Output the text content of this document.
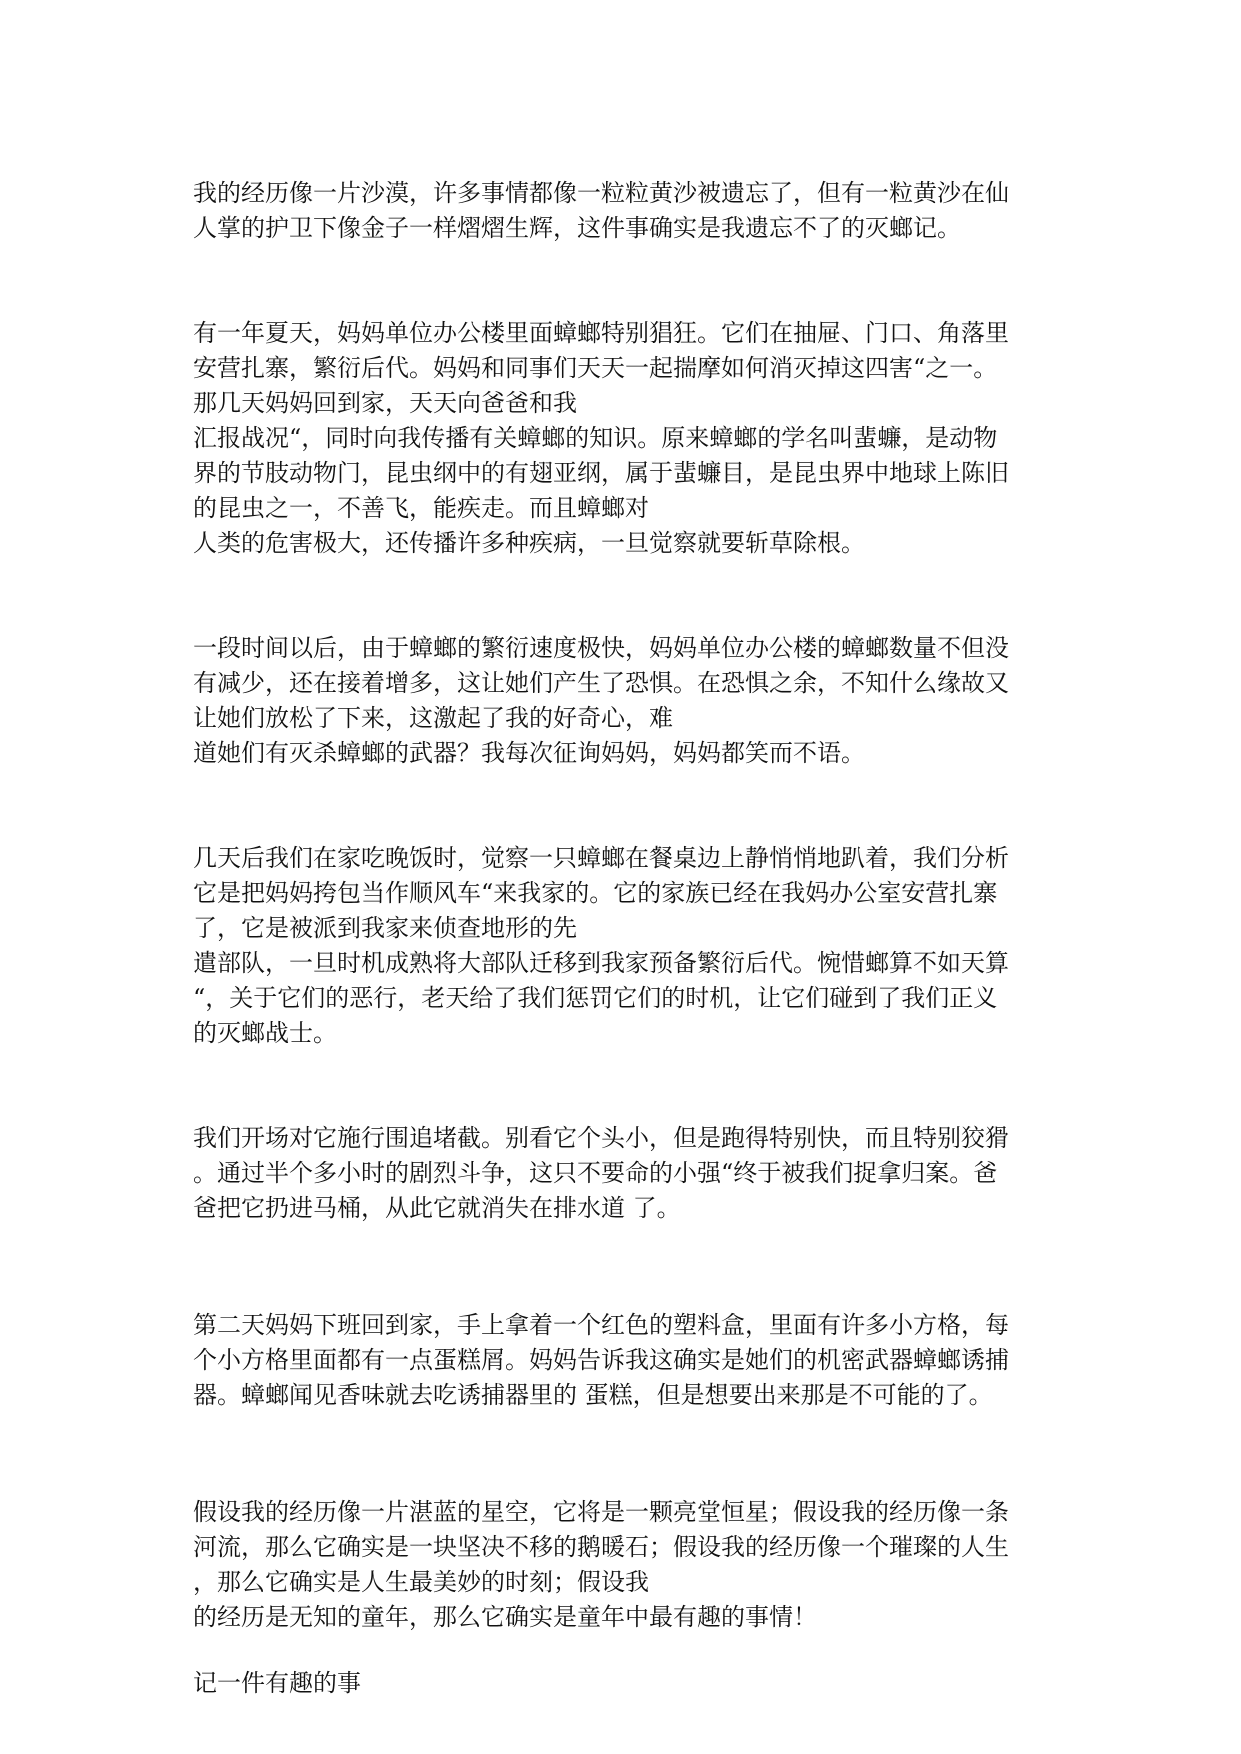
我的经历像一片沙漠，许多事情都像一粒粒黄沙被遗忘了，但有一粒黄沙在仙
人掌的护卫下像金子一样熠熠生辉，这件事确实是我遗忘不了的灭螂记。
有一年夏天，妈妈单位办公楼里面蟑螂特别猖狂。它们在抽屉、门口、角落里
安营扎寨，繁衍后代。妈妈和同事们天天一起揣摩如何消灭掉这四害“之一。
那几天妈妈回到家，天天向爸爸和我
汇报战况“，同时向我传播有关蟑螂的知识。原来蟑螂的学名叫蜚蠊，是动物
界的节肢动物门，昆虫纲中的有翅亚纲，属于蜚蠊目，是昆虫界中地球上陈旧
的昆虫之一，不善飞，能疾走。而且蟑螂对
人类的危害极大，还传播许多种疾病，一旦觉察就要斩草除根。
一段时间以后，由于蟑螂的繁衍速度极快，妈妈单位办公楼的蟑螂数量不但没
有减少，还在接着增多，这让她们产生了恐惧。在恐惧之余，不知什么缘故又
让她们放松了下来，这激起了我的好奇心，难
道她们有灭杀蟑螂的武器？我每次征询妈妈，妈妈都笑而不语。
几天后我们在家吃晚饭时，觉察一只蟑螂在餐桌边上静悄悄地趴着，我们分析
它是把妈妈挎包当作顺风车“来我家的。它的家族已经在我妈办公室安营扎寨
了，它是被派到我家来侦查地形的先
遣部队，一旦时机成熟将大部队迁移到我家预备繁衍后代。惋惜螂算不如天算
“，关于它们的恶行，老天给了我们惩罚它们的时机，让它们碰到了我们正义
的灭螂战士。
我们开场对它施行围追堵截。别看它个头小，但是跑得特别快，而且特别狡猾
。通过半个多小时的剧烈斗争，这只不要命的小强“终于被我们捉拿归案。爸
爸把它扔进马桶，从此它就消失在排水道 了。
第二天妈妈下班回到家，手上拿着一个红色的塑料盒，里面有许多小方格，每
个小方格里面都有一点蛋糕屑。妈妈告诉我这确实是她们的机密武器蟑螂诱捕
器。蟑螂闻见香味就去吃诱捕器里的 蛋糕，但是想要出来那是不可能的了。
假设我的经历像一片湛蓝的星空，它将是一颗亮堂恒星；假设我的经历像一条
河流，那么它确实是一块坚决不移的鹅暖石；假设我的经历像一个璀璨的人生
，那么它确实是人生最美妙的时刻；假设我
的经历是无知的童年，那么它确实是童年中最有趣的事情！
记一件有趣的事
